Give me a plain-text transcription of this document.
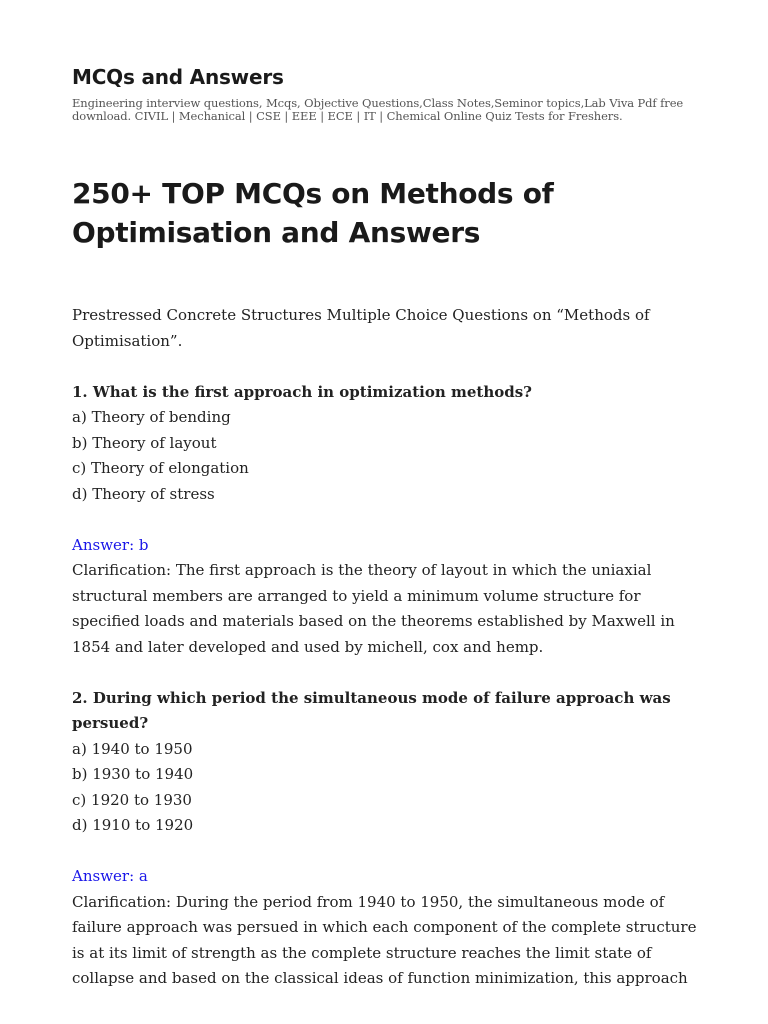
MCQs and Answers

Engineering interview questions, Mcqs, Objective Questions,Class Notes,Seminor topics,Lab Viva Pdf free download. CIVIL | Mechanical | CSE | EEE | ECE | IT | Chemical Online Quiz Tests for Freshers.

250+ TOP MCQs on Methods of Optimisation and Answers

Prestressed Concrete Structures Multiple Choice Questions on “Methods of Optimisation”.

1. What is the first approach in optimization methods?
a) Theory of bending
b) Theory of layout
c) Theory of elongation
d) Theory of stress
Answer: b
Clarification: The first approach is the theory of layout in which the uniaxial structural members are arranged to yield a minimum volume structure for specified loads and materials based on the theorems established by Maxwell in 1854 and later developed and used by michell, cox and hemp.
2. During which period the simultaneous mode of failure approach was persued?
a) 1940 to 1950
b) 1930 to 1940
c) 1920 to 1930
d) 1910 to 1920
Answer: a
Clarification: During the period from 1940 to 1950, the simultaneous mode of failure approach was persued in which each component of the complete structure is at its limit of strength as the complete structure reaches the limit state of collapse and based on the classical ideas of function minimization, this approach
